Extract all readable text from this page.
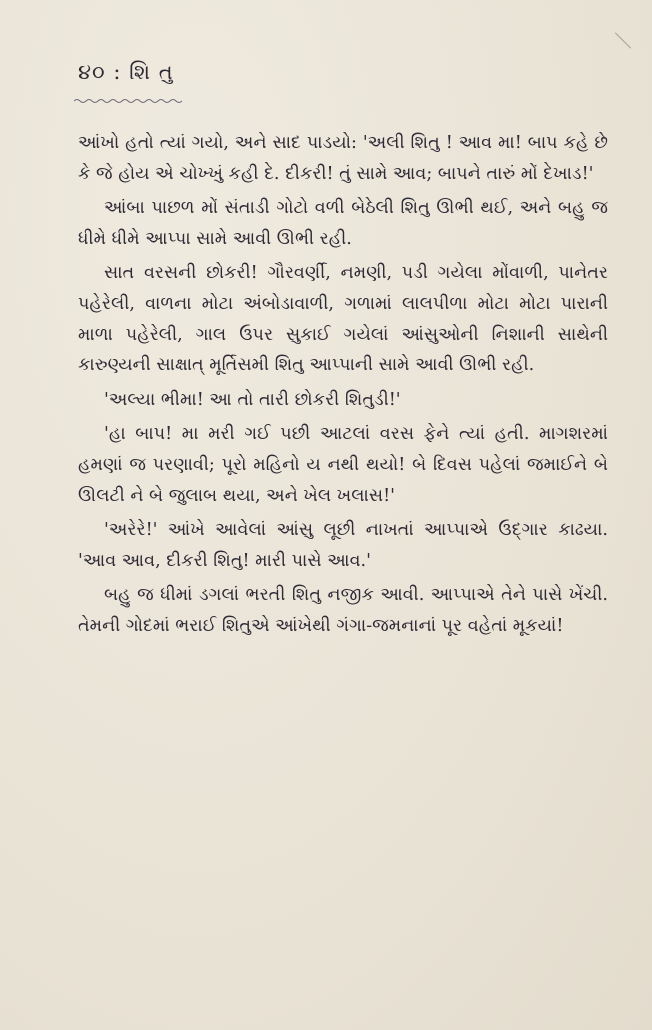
૪૦ : શિ તુ

આંખો હતો ત્યાં ગયો, અને સાદ પાડયો: 'અલી શિતુ ! આવ મા! બાપ કહે છે કે જે હોય એ ચોખ્ખું કહી દે. દીકરી! તું સામે આવ; બાપને તારું મોં દેખાડ!'

આંબા પાછળ મોં સંતાડી ગોટો વળી બેઠેલી શિતુ ઊભી થઈ, અને બહુ જ ધીમે ધીમે આપ્પા સામે આવી ઊભી રહી.

સાત વરસની છોકરી! ગૌરવર્ણી, નમણી, પડી ગયેલા મોંવાળી, પાનેતર પહેરેલી, વાળના મોટા અંબોડાવાળી, ગળામાં લાલપીળા મોટા મોટા પારાની માળા પહેરેલી, ગાલ ઉપર સુકાઈ ગયેલાં આંસુઓની નિશાની સાથેની કારુણ્યની સાક્ષાત્ મૂર્તિસમી શિતુ આપ્પાની સામે આવી ઊભી રહી.

'અલ્યા ભીમા! આ તો તારી છોકરી શિતુડી!'

'હા બાપ! મા મરી ગઈ પછી આટલાં વરસ ફેને ત્યાં હતી. માગશરમાં હમણાં જ પરણાવી; પૂરો મહિનો ય નથી થયો! બે દિવસ પહેલાં જમાઈને બે ઊલટી ને બે જુલાબ થયા, અને ખેલ ખલાસ!'

'અરેરે!' આંખે આવેલાં આંસુ લૂછી નાખતાં આપ્પાએ ઉદ્ગાર કાઢયા. 'આવ આવ, દીકરી શિતુ! મારી પાસે આવ.'

બહુ જ ધીમાં ડગલાં ભરતી શિતુ નજીક આવી. આપ્પાએ તેને પાસે ખેંચી. તેમની ગોદમાં ભરાઈ શિતુએ આંખેથી ગંગા-જમનાનાં પૂર વહેતાં મૂકયાં!
